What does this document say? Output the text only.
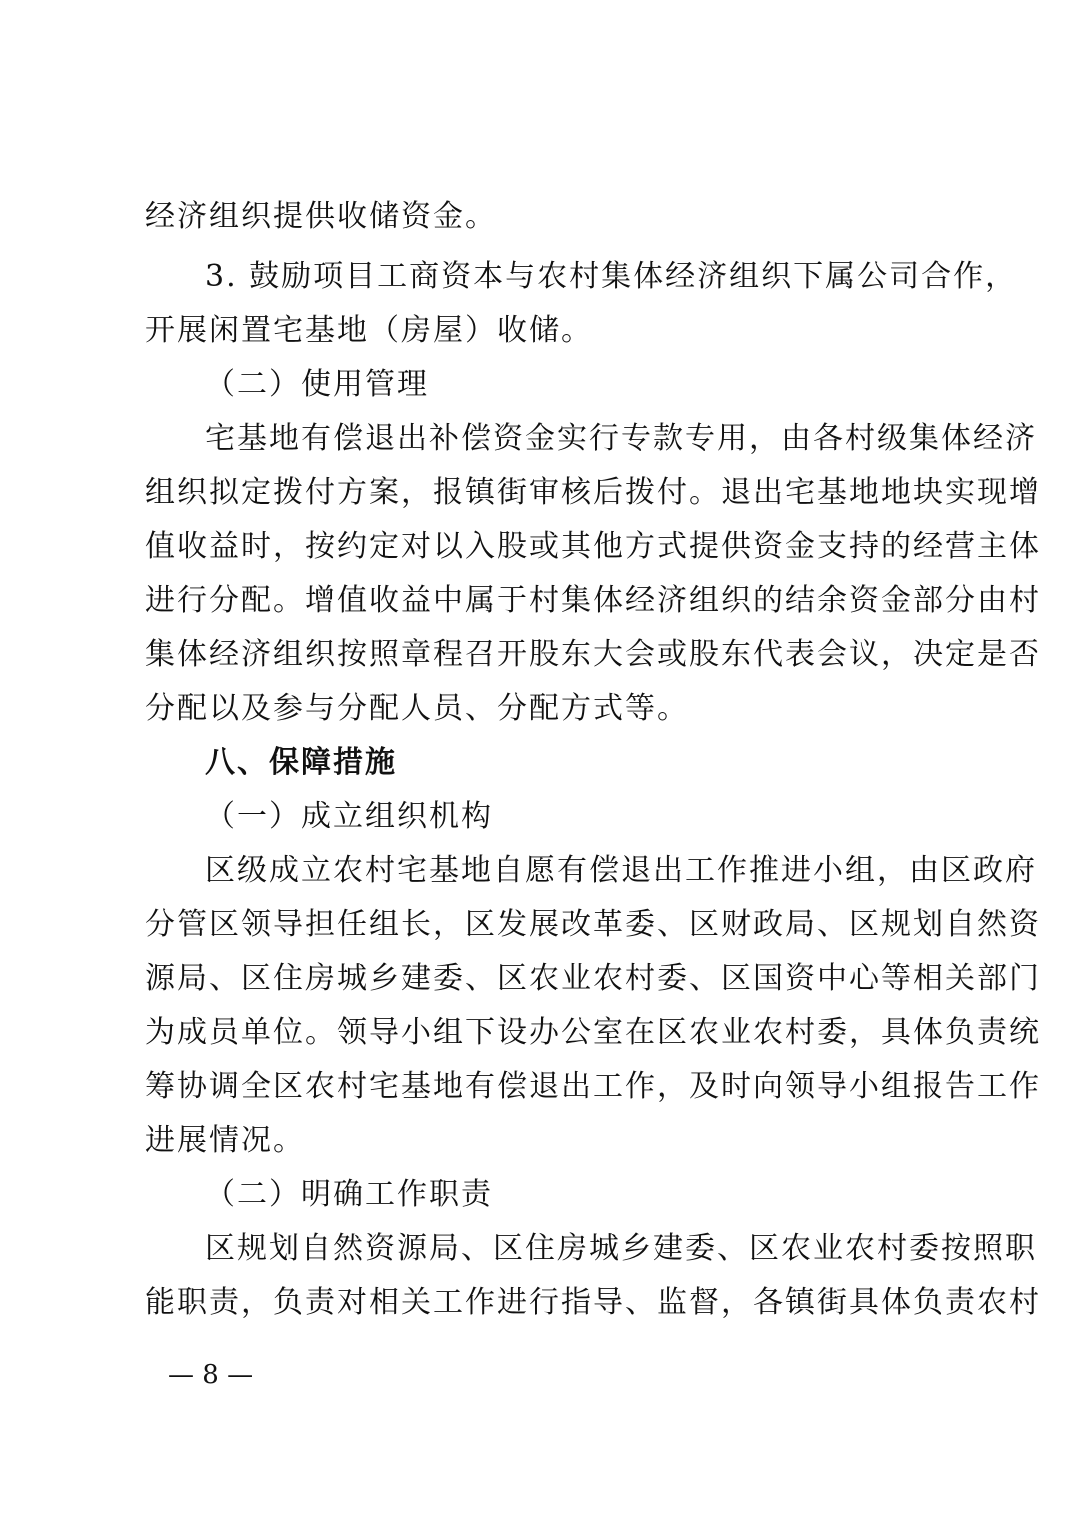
经济组织提供收储资金。
3. 鼓励项目工商资本与农村集体经济组织下属公司合作，
开展闲置宅基地（房屋）收储。
（二）使用管理
宅基地有偿退出补偿资金实行专款专用，由各村级集体经济
组织拟定拨付方案，报镇街审核后拨付。退出宅基地地块实现增
值收益时，按约定对以入股或其他方式提供资金支持的经营主体
进行分配。增值收益中属于村集体经济组织的结余资金部分由村
集体经济组织按照章程召开股东大会或股东代表会议，决定是否
分配以及参与分配人员、分配方式等。
八、保障措施
（一）成立组织机构
区级成立农村宅基地自愿有偿退出工作推进小组，由区政府
分管区领导担任组长，区发展改革委、区财政局、区规划自然资
源局、区住房城乡建委、区农业农村委、区国资中心等相关部门
为成员单位。领导小组下设办公室在区农业农村委，具体负责统
筹协调全区农村宅基地有偿退出工作，及时向领导小组报告工作
进展情况。
（二）明确工作职责
区规划自然资源局、区住房城乡建委、区农业农村委按照职
能职责，负责对相关工作进行指导、监督，各镇街具体负责农村
— 8 —
